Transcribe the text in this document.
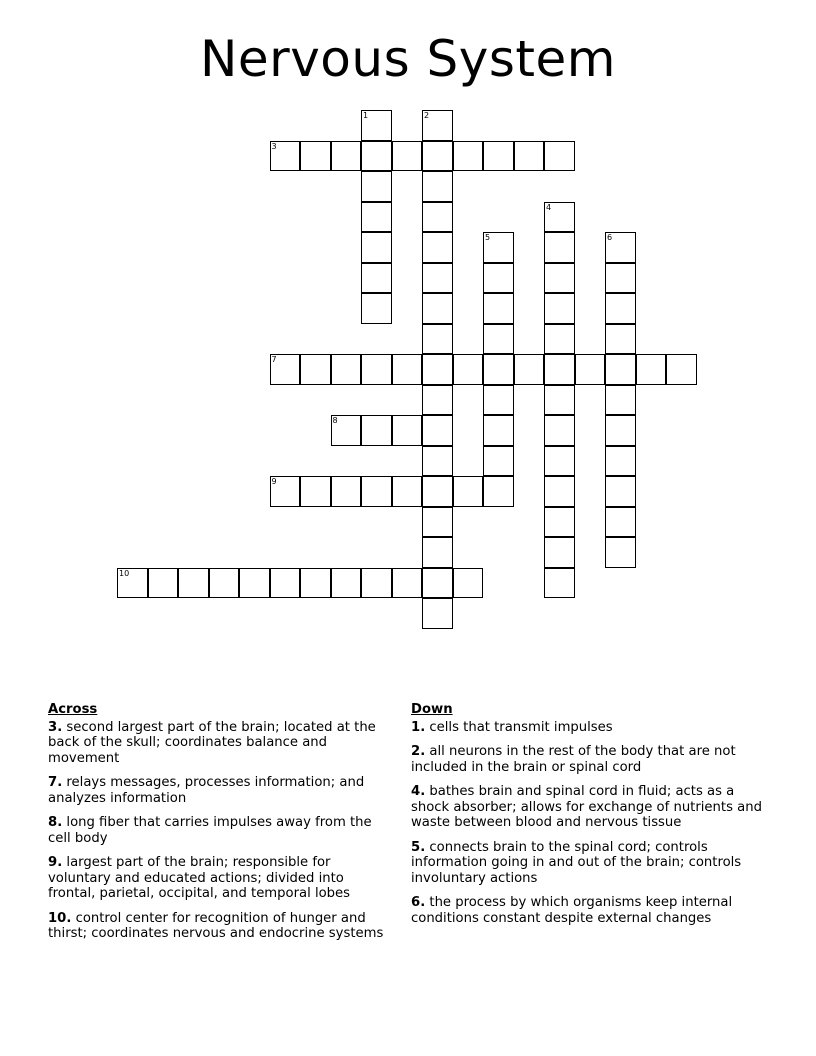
Nervous System
1	2
3
4
5	6
7
8
9
10
Across
3. second largest part of the brain; located at the back of the skull; coordinates balance and movement
7. relays messages, processes information; and analyzes information
8. long fiber that carries impulses away from the cell body
9. largest part of the brain; responsible for voluntary and educated actions; divided into frontal, parietal, occipital, and temporal lobes
10. control center for recognition of hunger and thirst; coordinates nervous and endocrine systems
Down
1. cells that transmit impulses
2. all neurons in the rest of the body that are not included in the brain or spinal cord
4. bathes brain and spinal cord in fluid; acts as a shock absorber; allows for exchange of nutrients and waste between blood and nervous tissue
5. connects brain to the spinal cord; controls information going in and out of the brain; controls involuntary actions
6. the process by which organisms keep internal conditions constant despite external changes
